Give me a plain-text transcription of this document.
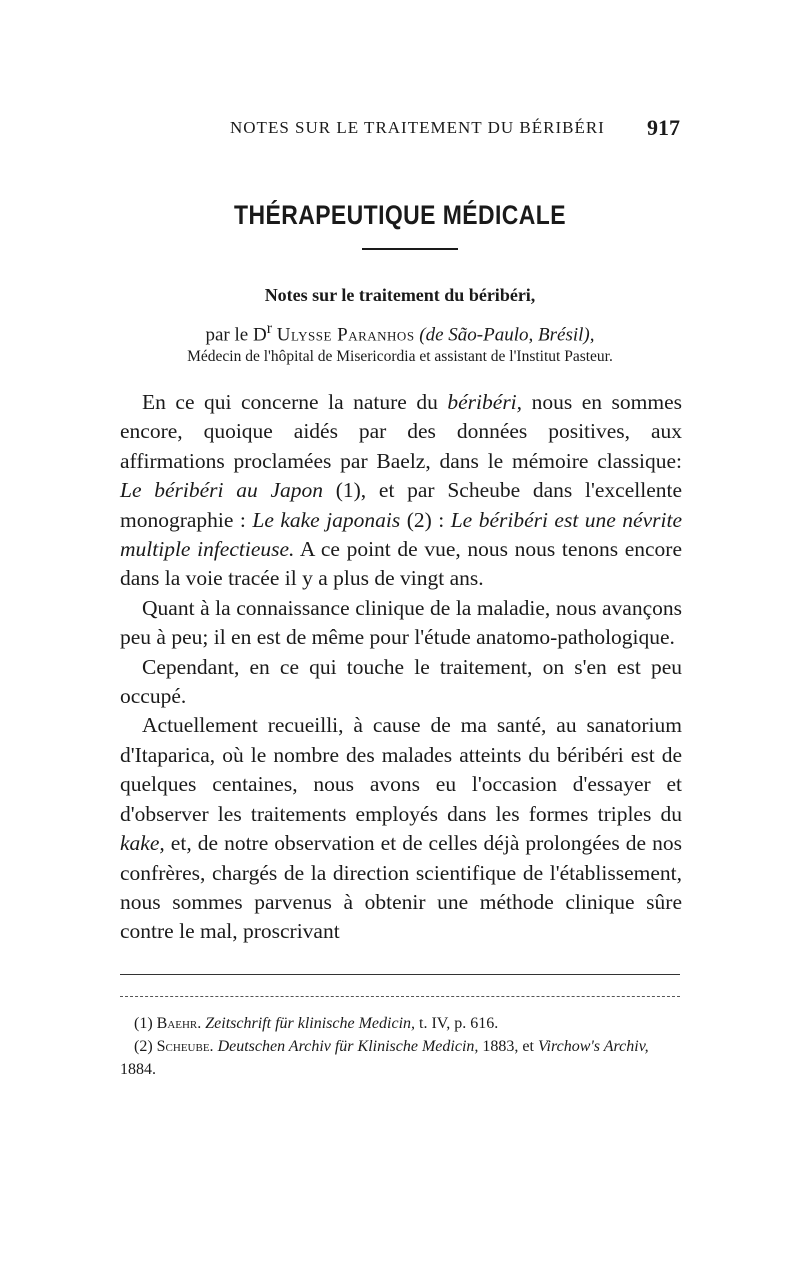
NOTES SUR LE TRAITEMENT DU BÉRIBÉRI 917
THÉRAPEUTIQUE MÉDICALE
Notes sur le traitement du béribéri,
par le $D^r$ Ulysse Paranhos (de São-Paulo, Brésil),
Médecin de l'hôpital de Misericordia et assistant de l'Institut Pasteur.

En ce qui concerne la nature du béribéri, nous en sommes encore, quoique aidés par des données positives, aux affirmations proclamées par Baelz, dans le mémoire classique: Le béribéri au Japon (1), et par Scheube dans l'excellente monographie : Le kake japonais (2) : Le béribéri est une névrite multiple infectieuse. A ce point de vue, nous nous tenons encore dans la voie tracée il y a plus de vingt ans.

Quant à la connaissance clinique de la maladie, nous avançons peu à peu; il en est de même pour l'étude anatomo-pathologique.

Cependant, en ce qui touche le traitement, on s'en est peu occupé.

Actuellement recueilli, à cause de ma santé, au sanatorium d'Itaparica, où le nombre des malades atteints du béribéri est de quelques centaines, nous avons eu l'occasion d'essayer et d'observer les traitements employés dans les formes triples du kake, et, de notre observation et de celles déjà prolongées de nos confrères, chargés de la direction scientifique de l'établissement, nous sommes parvenus à obtenir une méthode clinique sûre contre le mal, proscrivant

(1) Baehr. Zeitschrift für klinische Medicin, t. IV, p. 616.

(2) Scheube. Deutschen Archiv für Klinische Medicin, 1883, et Virchow's Archiv, 1884.
